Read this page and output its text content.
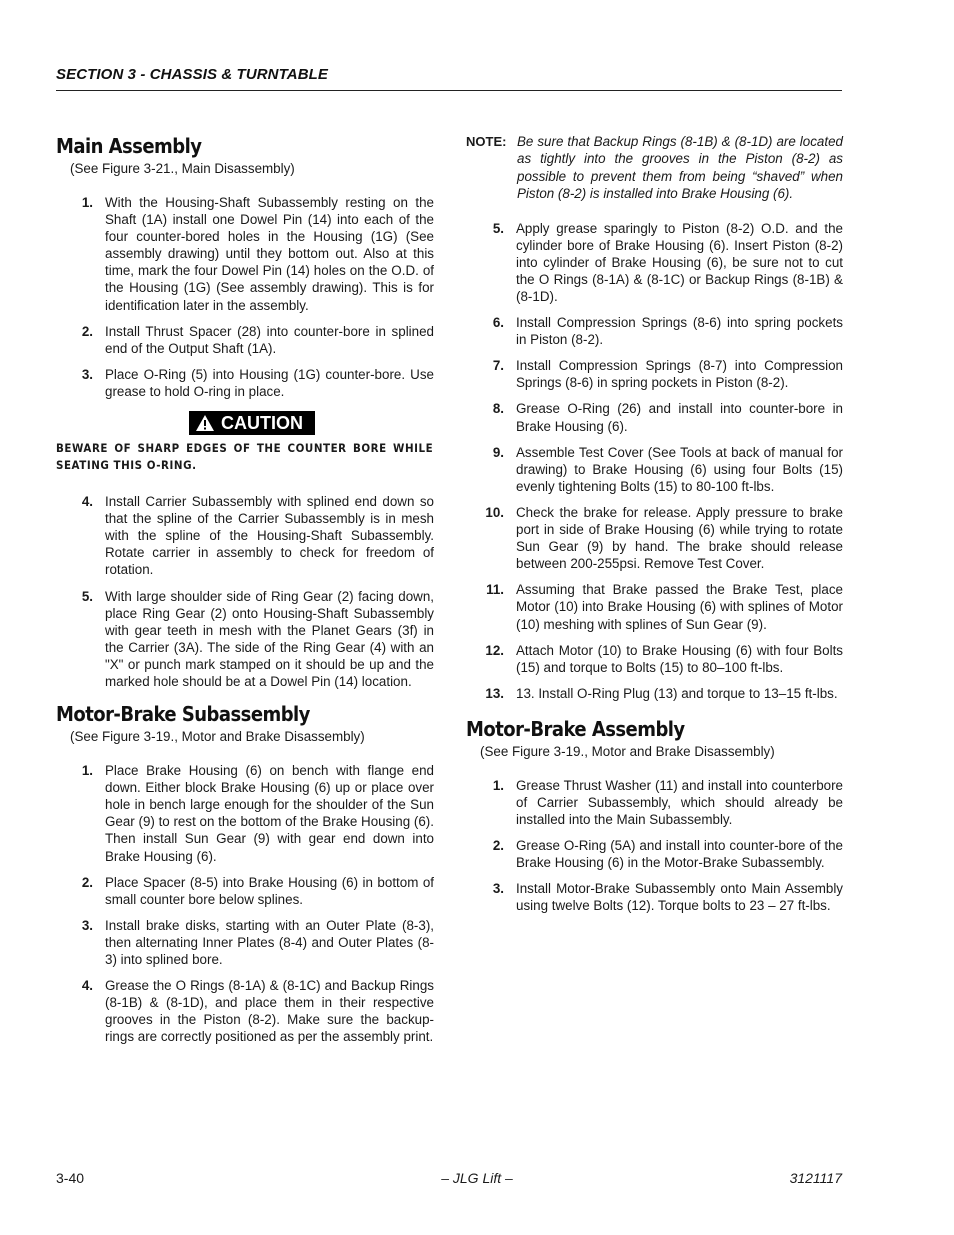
SECTION 3 - CHASSIS & TURNTABLE
Main Assembly
(See Figure 3-21., Main Disassembly)
1. With the Housing-Shaft Subassembly resting on the Shaft (1A) install one Dowel Pin (14) into each of the four counter-bored holes in the Housing (1G) (See assembly drawing) until they bottom out. Also at this time, mark the four Dowel Pin (14) holes on the O.D. of the Housing (1G) (See assembly drawing). This is for identification later in the assembly.
2. Install Thrust Spacer (28) into counter-bore in splined end of the Output Shaft (1A).
3. Place O-Ring (5) into Housing (1G) counter-bore. Use grease to hold O-ring in place.
CAUTION
BEWARE OF SHARP EDGES OF THE COUNTER BORE WHILE SEATING THIS O-RING.
4. Install Carrier Subassembly with splined end down so that the spline of the Carrier Subassembly is in mesh with the spline of the Housing-Shaft Subassembly. Rotate carrier in assembly to check for freedom of rotation.
5. With large shoulder side of Ring Gear (2) facing down, place Ring Gear (2) onto Housing-Shaft Subassembly with gear teeth in mesh with the Planet Gears (3f) in the Carrier (3A). The side of the Ring Gear (4) with an "X" or punch mark stamped on it should be up and the marked hole should be at a Dowel Pin (14) location.
Motor-Brake Subassembly
(See Figure 3-19., Motor and Brake Disassembly)
1. Place Brake Housing (6) on bench with flange end down. Either block Brake Housing (6) up or place over hole in bench large enough for the shoulder of the Sun Gear (9) to rest on the bottom of the Brake Housing (6). Then install Sun Gear (9) with gear end down into Brake Housing (6).
2. Place Spacer (8-5) into Brake Housing (6) in bottom of small counter bore below splines.
3. Install brake disks, starting with an Outer Plate (8-3), then alternating Inner Plates (8-4) and Outer Plates (8-3) into splined bore.
4. Grease the O Rings (8-1A) & (8-1C) and Backup Rings (8-1B) & (8-1D), and place them in their respective grooves in the Piston (8-2). Make sure the backup-rings are correctly positioned as per the assembly print.
NOTE: Be sure that Backup Rings (8-1B) & (8-1D) are located as tightly into the grooves in the Piston (8-2) as possible to prevent them from being “shaved” when Piston (8-2) is installed into Brake Housing (6).
5. Apply grease sparingly to Piston (8-2) O.D. and the cylinder bore of Brake Housing (6). Insert Piston (8-2) into cylinder of Brake Housing (6), be sure not to cut the O Rings (8-1A) & (8-1C) or Backup Rings (8-1B) & (8-1D).
6. Install Compression Springs (8-6) into spring pockets in Piston (8-2).
7. Install Compression Springs (8-7) into Compression Springs (8-6) in spring pockets in Piston (8-2).
8. Grease O-Ring (26) and install into counter-bore in Brake Housing (6).
9. Assemble Test Cover (See Tools at back of manual for drawing) to Brake Housing (6) using four Bolts (15) evenly tightening Bolts (15) to 80-100 ft-lbs.
10. Check the brake for release. Apply pressure to brake port in side of Brake Housing (6) while trying to rotate Sun Gear (9) by hand. The brake should release between 200-255psi. Remove Test Cover.
11. Assuming that Brake passed the Brake Test, place Motor (10) into Brake Housing (6) with splines of Motor (10) meshing with splines of Sun Gear (9).
12. Attach Motor (10) to Brake Housing (6) with four Bolts (15) and torque to Bolts (15) to 80–100 ft-lbs.
13. 13. Install O-Ring Plug (13) and torque to 13–15 ft-lbs.
Motor-Brake Assembly
(See Figure 3-19., Motor and Brake Disassembly)
1. Grease Thrust Washer (11) and install into counterbore of Carrier Subassembly, which should already be installed into the Main Subassembly.
2. Grease O-Ring (5A) and install into counter-bore of the Brake Housing (6) in the Motor-Brake Subassembly.
3. Install Motor-Brake Subassembly onto Main Assembly using twelve Bolts (12). Torque bolts to 23 – 27 ft-lbs.
3-40	– JLG Lift –	3121117
